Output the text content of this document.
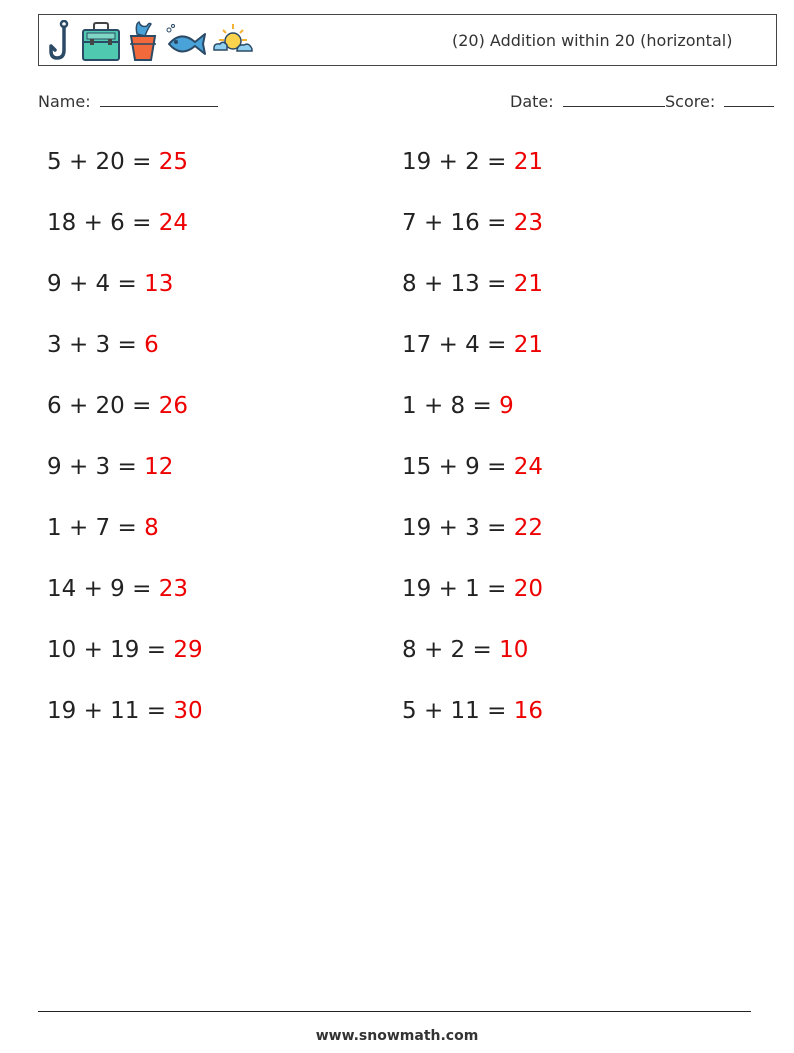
(20) Addition within 20 (horizontal)
Name:	Date:	Score:
5 + 20 = 25
18 + 6 = 24
9 + 4 = 13
3 + 3 = 6
6 + 20 = 26
9 + 3 = 12
1 + 7 = 8
14 + 9 = 23
10 + 19 = 29
19 + 11 = 30
19 + 2 = 21
7 + 16 = 23
8 + 13 = 21
17 + 4 = 21
1 + 8 = 9
15 + 9 = 24
19 + 3 = 22
19 + 1 = 20
8 + 2 = 10
5 + 11 = 16
www.snowmath.com
